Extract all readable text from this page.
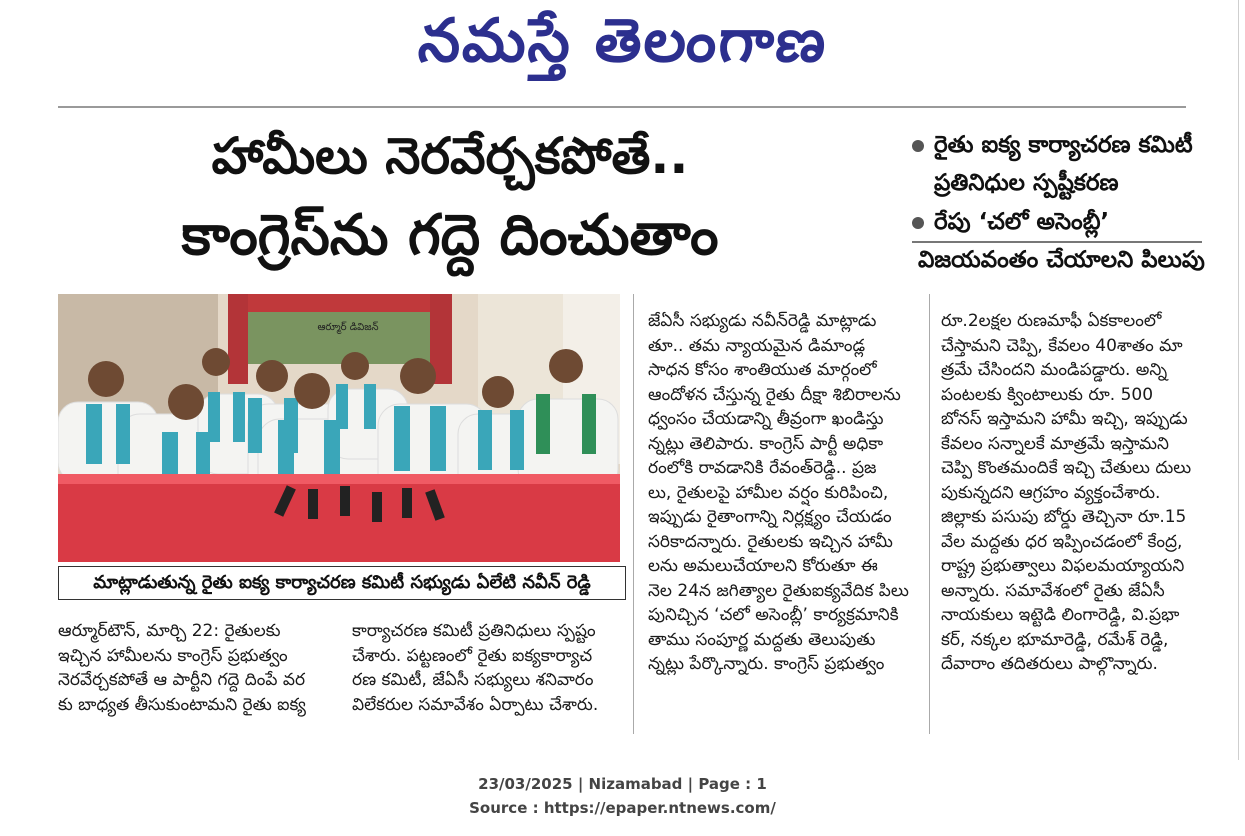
నమస్తే తెలంగాణ
హామీలు నెరవేర్చకపోతే..
కాంగ్రెస్‌ను గద్దె దించుతాం
రైతు ఐక్య కార్యాచరణ కమిటీ
ప్రతినిధుల స్పష్టీకరణ
రేపు ‘చలో అసెంబ్లీ’
విజయవంతం చేయాలని పిలుపు
ఆర్మూర్ డివిజన్
మాట్లాడుతున్న రైతు ఐక్య కార్యాచరణ కమిటీ సభ్యుడు ఏలేటి నవీన్ రెడ్డి
ఆర్మూర్‌టౌన్, మార్చి 22: రైతులకు
ఇచ్చిన హామీలను కాంగ్రెస్ ప్రభుత్వం
నెరవేర్చకపోతే ఆ పార్టీని గద్దె దింపే వర
కు బాధ్యత తీసుకుంటామని రైతు ఐక్య
కార్యాచరణ కమిటీ ప్రతినిధులు స్పష్టం
చేశారు. పట్టణంలో రైతు ఐక్యకార్యాచ
రణ కమిటీ, జేఏసీ సభ్యులు శనివారం
విలేకరుల సమావేశం ఏర్పాటు చేశారు.
జేఏసీ సభ్యుడు నవీన్‌రెడ్డి మాట్లాడు
తూ.. తమ న్యాయమైన డిమాండ్ల
సాధన కోసం శాంతియుత మార్గంలో
ఆందోళన చేస్తున్న రైతు దీక్షా శిబిరాలను
ధ్వంసం చేయడాన్ని తీవ్రంగా ఖండిస్తు
న్నట్లు తెలిపారు. కాంగ్రెస్ పార్టీ అధికా
రంలోకి రావడానికి రేవంత్‌రెడ్డి.. ప్రజ
లు, రైతులపై హామీల వర్షం కురిపించి,
ఇప్పుడు రైతాంగాన్ని నిర్లక్ష్యం చేయడం
సరికాదన్నారు. రైతులకు ఇచ్చిన హామీ
లను అమలుచేయాలని కోరుతూ ఈ
నెల 24న జగిత్యాల రైతుఐక్యవేదిక పిలు
పునిచ్చిన ‘చలో అసెంబ్లీ’ కార్యక్రమానికి
తాము సంపూర్ణ మద్దతు తెలుపుతు
న్నట్లు పేర్కొన్నారు. కాంగ్రెస్ ప్రభుత్వం
రూ.2లక్షల రుణమాఫీ ఏకకాలంలో
చేస్తామని చెప్పి, కేవలం 40శాతం మా
త్రమే చేసిందని మండిపడ్డారు. అన్ని
పంటలకు క్వింటాలుకు రూ. 500
బోనస్ ఇస్తామని హామీ ఇచ్చి, ఇప్పుడు
కేవలం సన్నాలకే మాత్రమే ఇస్తామని
చెప్పి కొంతమందికే ఇచ్చి చేతులు దులు
పుకున్నదని ఆగ్రహం వ్యక్తంచేశారు.
జిల్లాకు పసుపు బోర్డు తెచ్చినా రూ.15
వేల మద్దతు ధర ఇప్పించడంలో కేంద్ర,
రాష్ట్ర ప్రభుత్వాలు విఫలమయ్యాయని
అన్నారు. సమావేశంలో రైతు జేఏసీ
నాయకులు ఇట్టెడి లింగారెడ్డి, వి.ప్రభా
కర్, నక్కల భూమారెడ్డి, రమేశ్ రెడ్డి,
దేవారాం తదితరులు పాల్గొన్నారు.
23/03/2025 | Nizamabad | Page : 1
Source : https://epaper.ntnews.com/
